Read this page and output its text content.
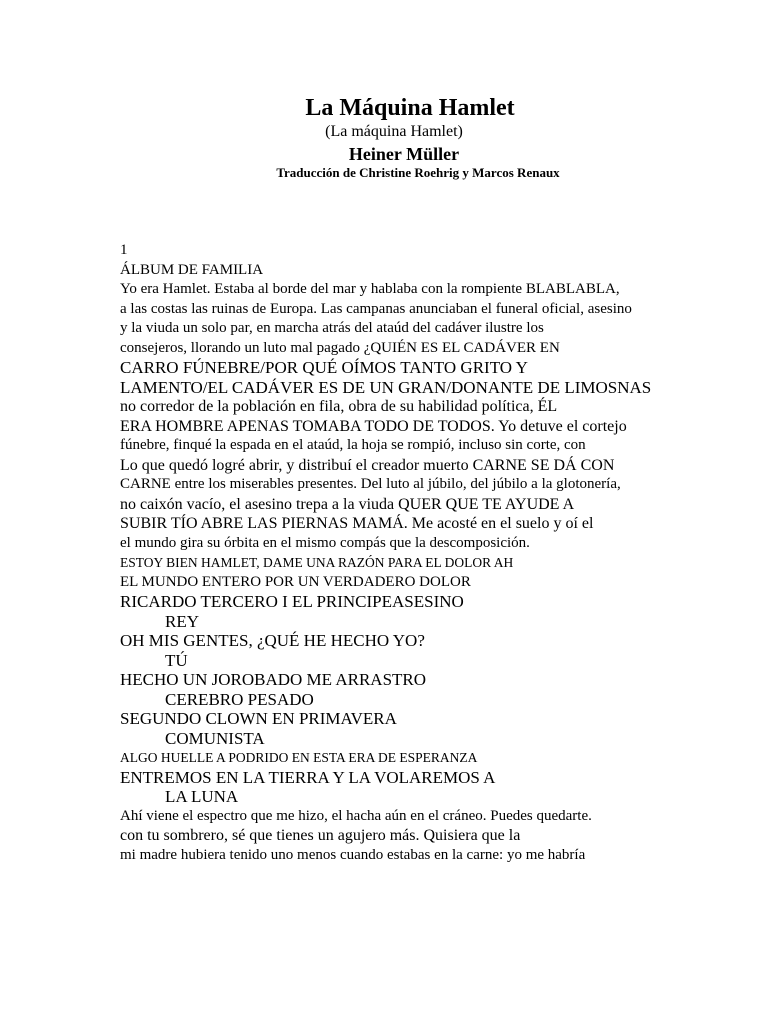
La Máquina Hamlet
(La máquina Hamlet)
Heiner Müller
Traducción de Christine Roehrig y Marcos Renaux
1
ÁLBUM DE FAMILIA
Yo era Hamlet. Estaba al borde del mar y hablaba con la rompiente BLABLABLA,
a las costas las ruinas de Europa. Las campanas anunciaban el funeral oficial, asesino
y la viuda un solo par, en marcha atrás del ataúd del cadáver ilustre los
consejeros, llorando un luto mal pagado ¿QUIÉN ES EL CADÁVER EN
CARRO FÚNEBRE/POR QUÉ OÍMOS TANTO GRITO Y
LAMENTO/EL CADÁVER ES DE UN GRAN/DONANTE DE LIMOSNAS
no corredor de la población en fila, obra de su habilidad política, ÉL
ERA HOMBRE APENAS TOMABA TODO DE TODOS. Yo detuve el cortejo
fúnebre, finqué la espada en el ataúd, la hoja se rompió, incluso sin corte, con
Lo que quedó logré abrir, y distribuí el creador muerto CARNE SE DÁ CON
CARNE entre los miserables presentes. Del luto al júbilo, del júbilo a la glotonería,
no caixón vacío, el asesino trepa a la viuda QUER QUE TE AYUDE A
SUBIR TÍO ABRE LAS PIERNAS MAMÁ. Me acosté en el suelo y oí el
el mundo gira su órbita en el mismo compás que la descomposición.
ESTOY BIEN HAMLET, DAME UNA RAZÓN PARA EL DOLOR AH
EL MUNDO ENTERO POR UN VERDADERO DOLOR
RICARDO TERCERO I EL PRINCIPEASESINO
REY
OH MIS GENTES, ¿QUÉ HE HECHO YO?
TÚ
HECHO UN JOROBADO ME ARRASTRO
CEREBRO PESADO
SEGUNDO CLOWN EN PRIMAVERA
COMUNISTA
ALGO HUELLE A PODRIDO EN ESTA ERA DE ESPERANZA
ENTREMOS EN LA TIERRA Y LA VOLAREMOS A
LA LUNA
Ahí viene el espectro que me hizo, el hacha aún en el cráneo. Puedes quedarte.
con tu sombrero, sé que tienes un agujero más. Quisiera que la
mi madre hubiera tenido uno menos cuando estabas en la carne: yo me habría
